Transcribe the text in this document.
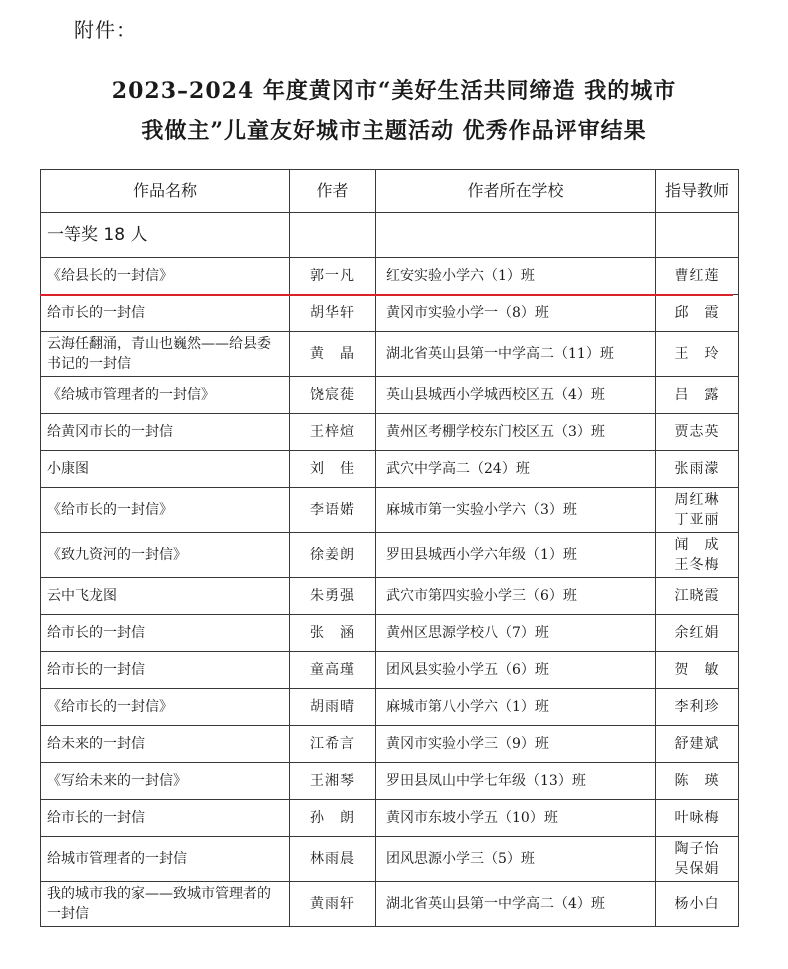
附件：
2023–2024 年度黄冈市“美好生活共同缔造 我的城市
我做主”儿童友好城市主题活动 优秀作品评审结果
作品名称	作者	作者所在学校	指导教师
一等奖 18 人			
《给县长的一封信》	郭一凡	红安实验小学六（1）班	曹红莲

给市长的一封信	胡华轩	黄冈市实验小学一（8）班	邱　霞

云海任翻涌，青山也巍然——给县委书记的一封信	黄　晶	湖北省英山县第一中学高二（11）班	王　玲

《给城市管理者的一封信》	饶宸蓰	英山县城西小学城西校区五（4）班	吕　露

给黄冈市长的一封信	王梓煊	黄州区考棚学校东门校区五（3）班	贾志英

小康图	刘　佳	武穴中学高二（24）班	张雨濛

《给市长的一封信》	李语婼	麻城市第一实验小学六（3）班	周红琳
丁亚丽

《致九资河的一封信》	徐姜朗	罗田县城西小学六年级（1）班	闻　成
王冬梅

云中飞龙图	朱勇强	武穴市第四实验小学三（6）班	江晓霞

给市长的一封信	张　涵	黄州区思源学校八（7）班	余红娟

给市长的一封信	童高瑾	团风县实验小学五（6）班	贺　敏

《给市长的一封信》	胡雨晴	麻城市第八小学六（1）班	李利珍

给未来的一封信	江希言	黄冈市实验小学三（9）班	舒建斌

《写给未来的一封信》	王湘琴	罗田县凤山中学七年级（13）班	陈　瑛

给市长的一封信	孙　朗	黄冈市东坡小学五（10）班	叶咏梅

给城市管理者的一封信	林雨晨	团风思源小学三（5）班	陶子怡
吴保娟

我的城市我的家——致城市管理者的一封信	黄雨轩	湖北省英山县第一中学高二（4）班	杨小白
